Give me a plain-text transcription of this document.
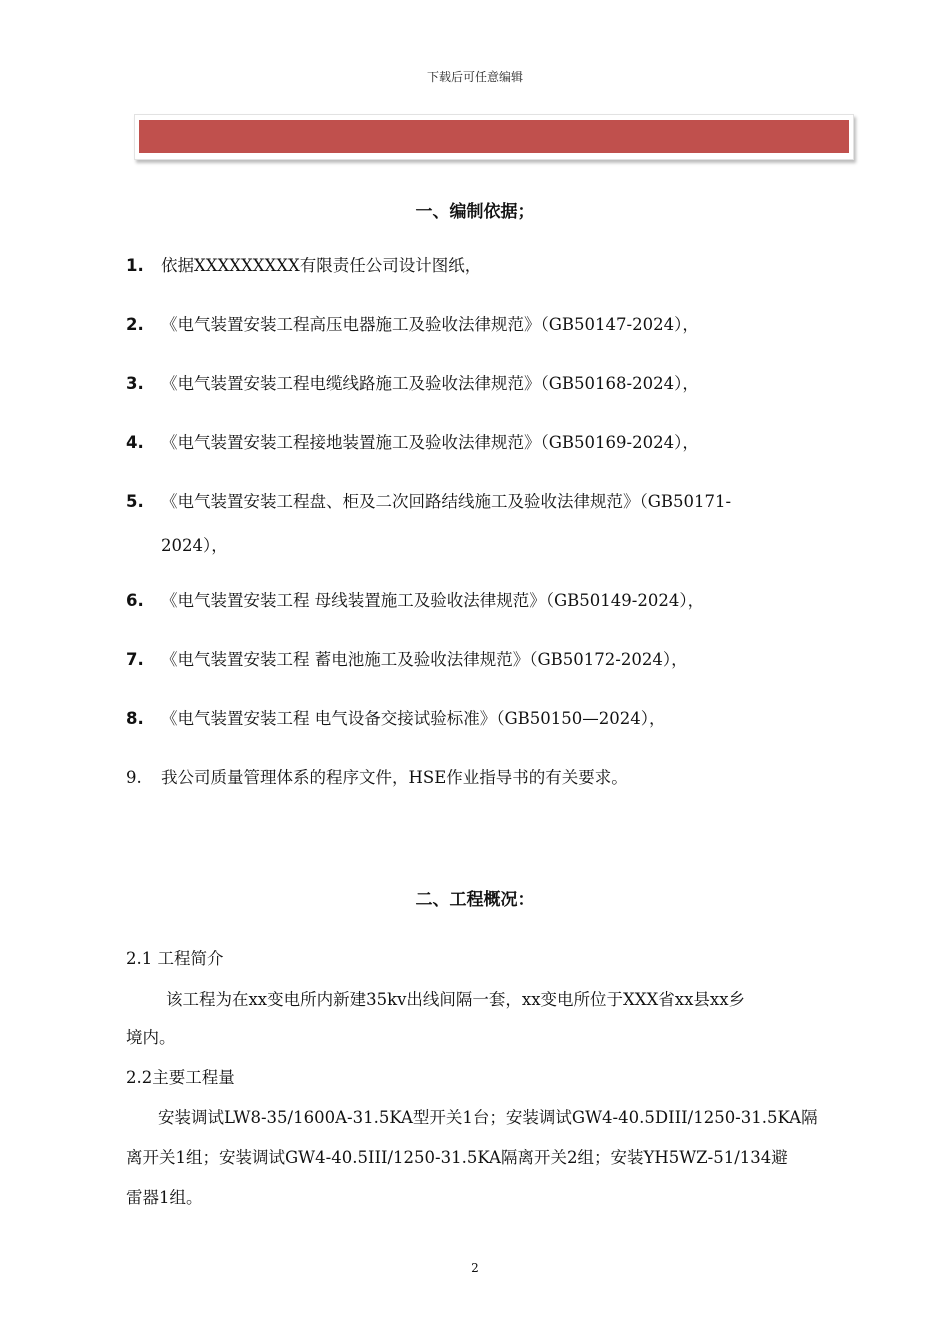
下载后可任意编辑
一、编制依据；
1. 依据XXXXXXXXX有限责任公司设计图纸，
2. 《电气装置安装工程高压电器施工及验收法律规范》（GB50147-2024），
3. 《电气装置安装工程电缆线路施工及验收法律规范》（GB50168-2024），
4. 《电气装置安装工程接地装置施工及验收法律规范》（GB50169-2024），
5. 《电气装置安装工程盘、柜及二次回路结线施工及验收法律规范》（GB50171-
2024），
6. 《电气装置安装工程 母线装置施工及验收法律规范》（GB50149-2024），
7. 《电气装置安装工程 蓄电池施工及验收法律规范》（GB50172-2024），
8. 《电气装置安装工程 电气设备交接试验标准》（GB50150—2024），
9. 我公司质量管理体系的程序文件，HSE作业指导书的有关要求。
二、工程概况：
2.1 工程简介
该工程为在xx变电所内新建35kv出线间隔一套，xx变电所位于XXX省xx县xx乡
境内。
2.2主要工程量
安装调试LW8-35/1600A-31.5KA型开关1台；安装调试GW4-40.5DIII/1250-31.5KA隔
离开关1组；安装调试GW4-40.5III/1250-31.5KA隔离开关2组；安装YH5WZ-51/134避
雷器1组。
2
